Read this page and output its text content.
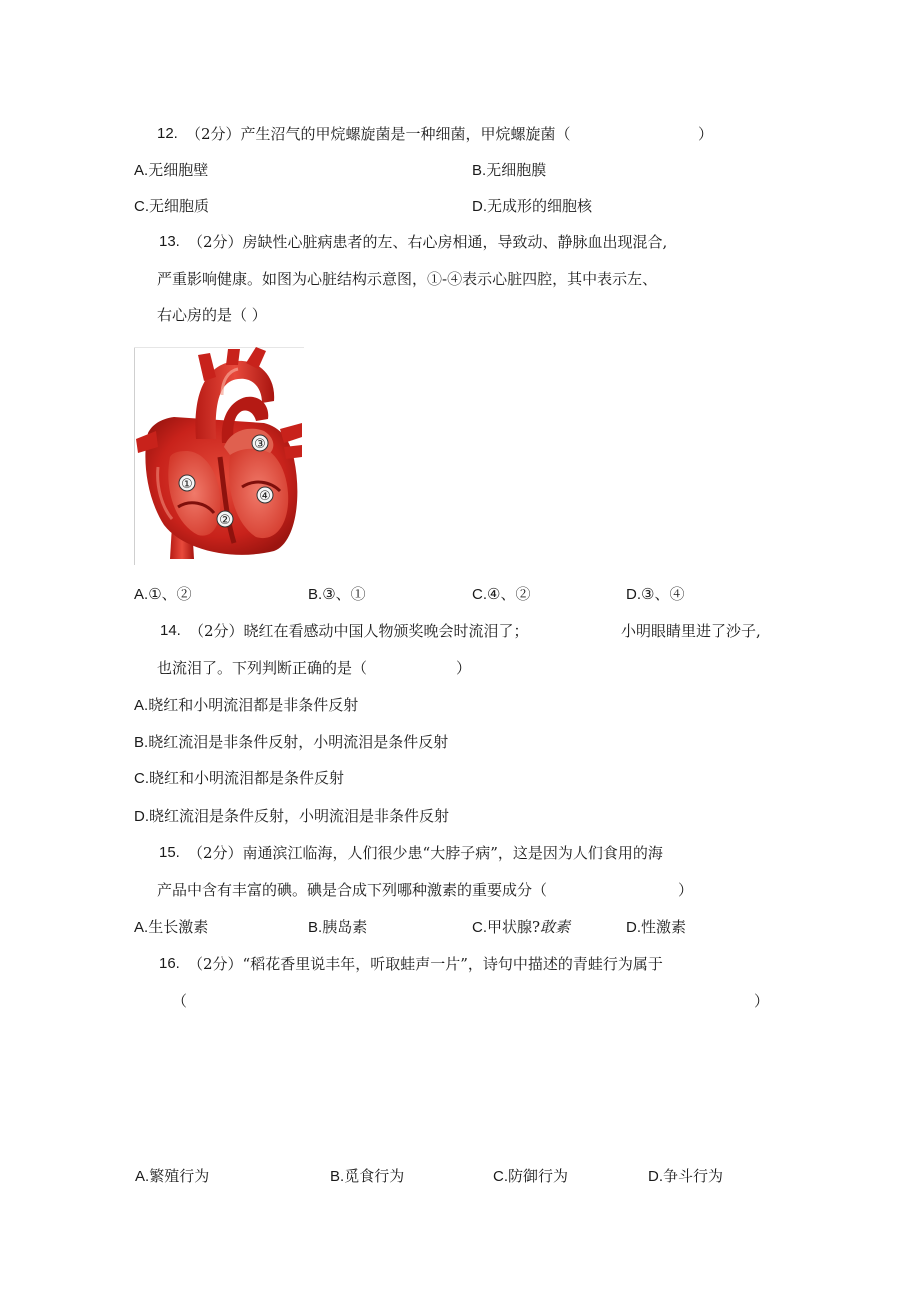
12. （2分）产生沼气的甲烷螺旋菌是一种细菌，甲烷螺旋菌（	）
A.无细胞壁	B.无细胞膜
C.无细胞质	D.无成形的细胞核
13. （2分）房缺性心脏病患者的左、右心房相通，导致动、静脉血出现混合,
严重影响健康。如图为心脏结构示意图，①-④表示心脏四腔，其中表示左、
右心房的是（ ）
①
②
③
④
A.①、②	B.③、①	C.④、②	D.③、④
14. （2分）晓红在看感动中国人物颁奖晚会时流泪了；	小明眼睛里进了沙子,
也流泪了。下列判断正确的是（	）
A.晓红和小明流泪都是非条件反射
B.晓红流泪是非条件反射，小明流泪是条件反射
C.晓红和小明流泪都是条件反射
D.晓红流泪是条件反射，小明流泪是非条件反射
15. （2分）南通滨江临海，人们很少患“大脖子病”，这是因为人们食用的海
产品中含有丰富的碘。碘是合成下列哪种激素的重要成分（	）
A.生长激素	B.胰岛素	C.甲状腺?敢素	D.性激素
16. （2分）“稻花香里说丰年，听取蛙声一片”，诗句中描述的青蛙行为属于
（	）
A.繁殖行为	B.觅食行为	C.防御行为	D.争斗行为
